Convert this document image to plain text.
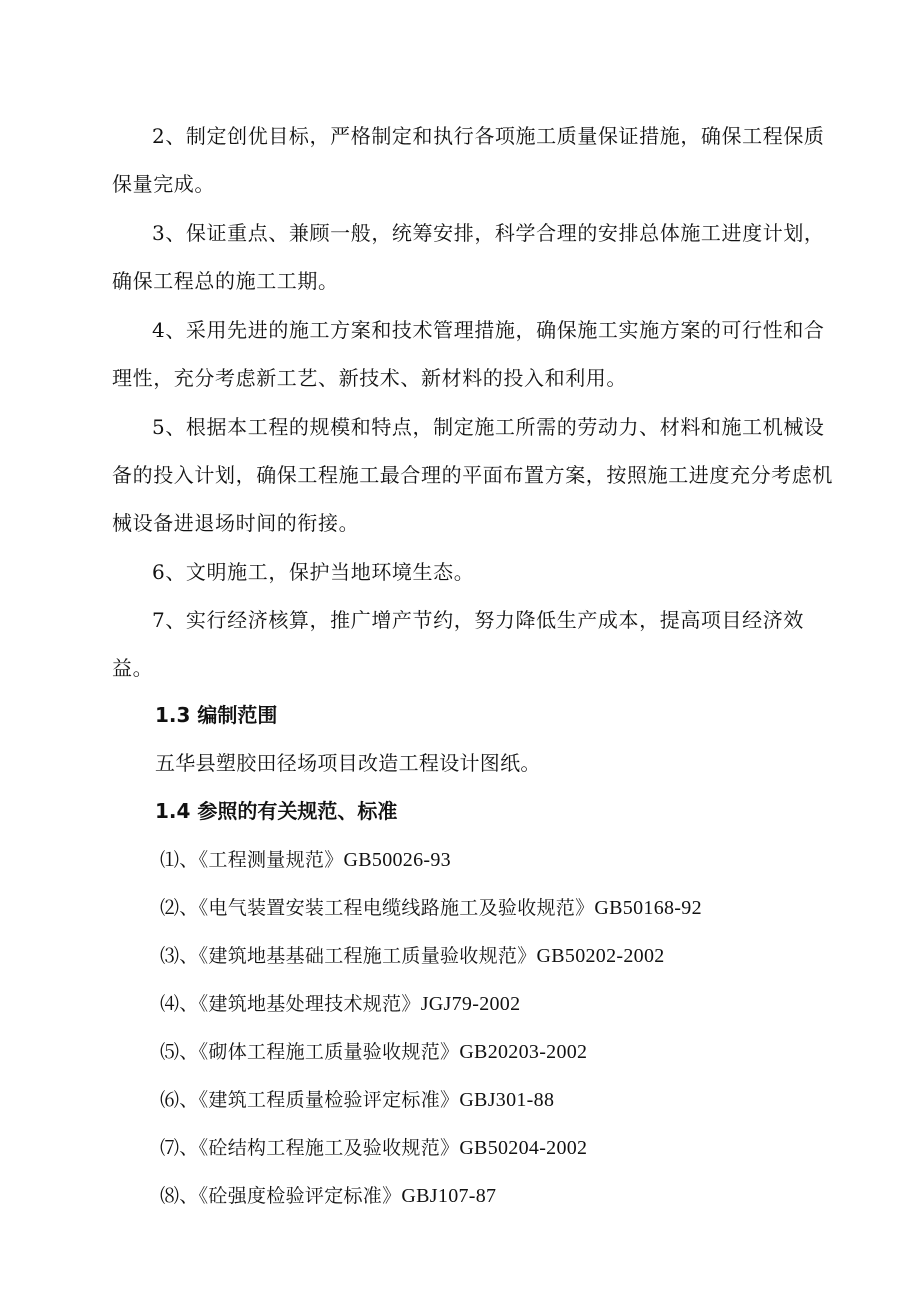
2、制定创优目标，严格制定和执行各项施工质量保证措施，确保工程保质保量完成。

3、保证重点、兼顾一般，统筹安排，科学合理的安排总体施工进度计划，确保工程总的施工工期。

4、采用先进的施工方案和技术管理措施，确保施工实施方案的可行性和合理性，充分考虑新工艺、新技术、新材料的投入和利用。

5、根据本工程的规模和特点，制定施工所需的劳动力、材料和施工机械设备的投入计划，确保工程施工最合理的平面布置方案，按照施工进度充分考虑机械设备进退场时间的衔接。

6、文明施工，保护当地环境生态。

7、实行经济核算，推广增产节约，努力降低生产成本，提高项目经济效益。

1.3 编制范围

五华县塑胶田径场项目改造工程设计图纸。

1.4 参照的有关规范、标准

⑴、《工程测量规范》GB50026-93

⑵、《电气装置安装工程电缆线路施工及验收规范》GB50168-92

⑶、《建筑地基基础工程施工质量验收规范》GB50202-2002

⑷、《建筑地基处理技术规范》JGJ79-2002

⑸、《砌体工程施工质量验收规范》GB20203-2002

⑹、《建筑工程质量检验评定标准》GBJ301-88

⑺、《砼结构工程施工及验收规范》GB50204-2002

⑻、《砼强度检验评定标准》GBJ107-87
